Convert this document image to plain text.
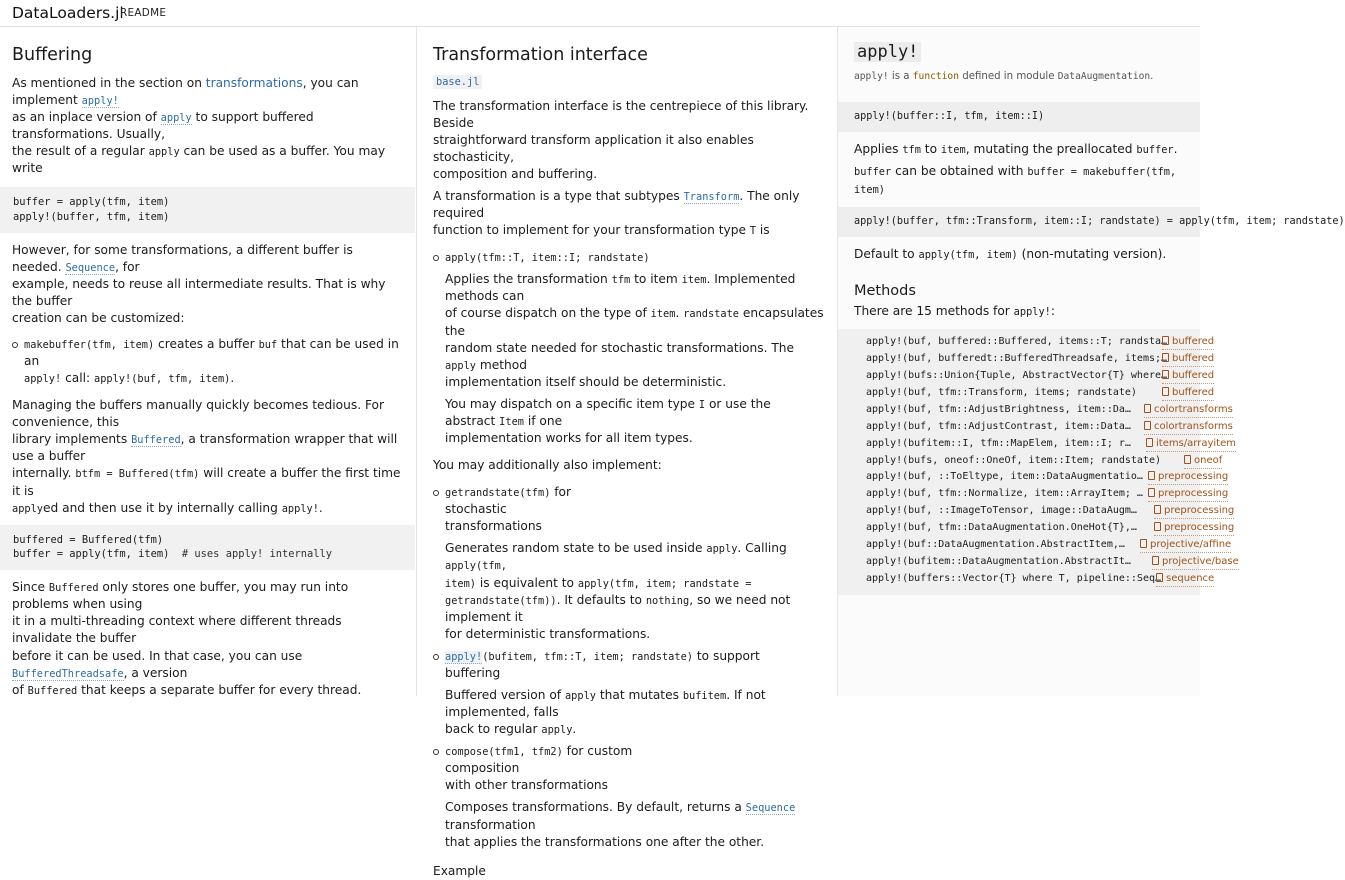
DataLoaders.jl
README
Buffering

As mentioned in the section on transformations, you can implement apply!
as an inplace version of apply to support buffered transformations. Usually,
the result of a regular apply can be used as a buffer. You may write

buffer = apply(tfm, item)
apply!(buffer, tfm, item)

However, for some transformations, a different buffer is needed. Sequence, for
example, needs to reuse all intermediate results. That is why the buffer
creation can be customized:

makebuffer(tfm, item) creates a buffer buf that can be used in an
apply! call: apply!(buf, tfm, item).

Managing the buffers manually quickly becomes tedious. For convenience, this
library implements Buffered, a transformation wrapper that will use a buffer
internally. btfm = Buffered(tfm) will create a buffer the first time it is
applyed and then use it by internally calling apply!.

buffered = Buffered(tfm)
buffer = apply(tfm, item)  # uses apply! internally

Since Buffered only stores one buffer, you may run into problems when using
it in a multi-threading context where different threads invalidate the buffer
before it can be used. In that case, you can use BufferedThreadsafe, a version
of Buffered that keeps a separate buffer for every thread.

Transformation interface
base.jl

The transformation interface is the centrepiece of this library. Beside
straightforward transform application it also enables stochasticity,
composition and buffering.

A transformation is a type that subtypes Transform. The only
required
function to implement for your transformation type T is

apply(tfm::T, item::I; randstate)
Applies the transformation tfm to item item. Implemented methods can
of course dispatch on the type of item. randstate encapsulates the
random state needed for stochastic transformations. The apply method
implementation itself should be deterministic.
You may dispatch on a specific item type I or use the abstract Item if one
implementation works for all item types.

You may additionally also implement:

getrandstate(tfm) for
stochastic
transformations
Generates random state to be used inside apply. Calling apply(tfm,
item) is equivalent to apply(tfm, item; randstate =
getrandstate(tfm)). It defaults to nothing, so we need not implement it
for deterministic transformations.
apply!(bufitem, tfm::T, item; randstate) to support
buffering
Buffered version of apply that mutates bufitem. If not implemented, falls
back to regular apply.
compose(tfm1, tfm2) for custom
composition
with other transformations
Composes transformations. By default, returns a Sequence transformation
that applies the transformations one after the other.

Example

apply!

apply! is a function defined in module DataAugmentation.

apply!(buffer::I, tfm, item::I)

Applies tfm to item, mutating the preallocated buffer.

buffer can be obtained with buffer = makebuffer(tfm, item)

apply!(buffer, tfm::Transform, item::I; randstate) = apply(tfm, item; randstate)

Default to apply(tfm, item) (non-mutating version).

Methods

There are 15 methods for apply!:

apply!(buf, buffered::Buffered, items::T; randsta… buffered
apply!(buf, bufferedt::BufferedThreadsafe, items;… buffered
apply!(bufs::Union{Tuple, AbstractVector{T} where… buffered
apply!(buf, tfm::Transform, items; randstate)	buffered
apply!(buf, tfm::AdjustBrightness, item::Da…	colortransforms
apply!(buf, tfm::AdjustContrast, item::Data…	colortransforms
apply!(bufitem::I, tfm::MapElem, item::I; r…	items/arrayitem
apply!(bufs, oneof::OneOf, item::Item; randstate)	oneof
apply!(buf, ::ToEltype, item::DataAugmentatio…	preprocessing
apply!(buf, tfm::Normalize, item::ArrayItem; …	preprocessing
apply!(buf, ::ImageToTensor, image::DataAugm…	preprocessing
apply!(buf, tfm::DataAugmentation.OneHot{T},…	preprocessing
apply!(buf::DataAugmentation.AbstractItem,…	projective/affine
apply!(bufitem::DataAugmentation.AbstractIt…	projective/base
apply!(buffers::Vector{T} where T, pipeline::Seq… sequence
